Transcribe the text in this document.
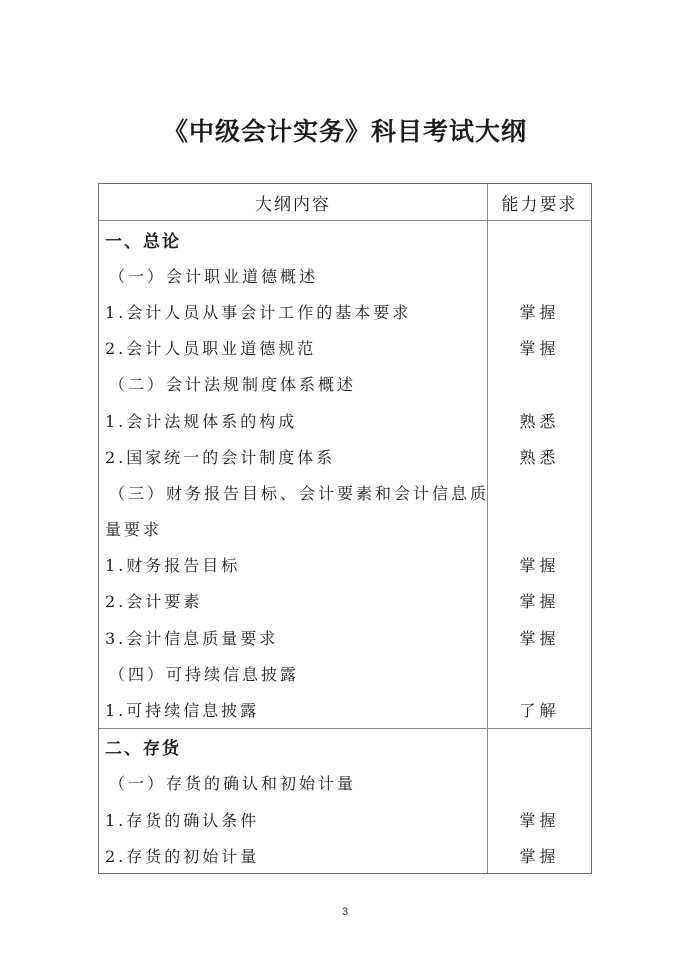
《中级会计实务》科目考试大纲
大纲内容	能力要求
一、总论
（一）会计职业道德概述
1.会计人员从事会计工作的基本要求
2.会计人员职业道德规范
（二）会计法规制度体系概述
1.会计法规体系的构成
2.国家统一的会计制度体系
（三）财务报告目标、会计要素和会计信息质
量要求
1.财务报告目标
2.会计要素
3.会计信息质量要求
（四）可持续信息披露
1.可持续信息披露
掌握
掌握
熟悉
熟悉
掌握
掌握
掌握
了解
二、存货
（一）存货的确认和初始计量
1.存货的确认条件
2.存货的初始计量
掌握
掌握
3
